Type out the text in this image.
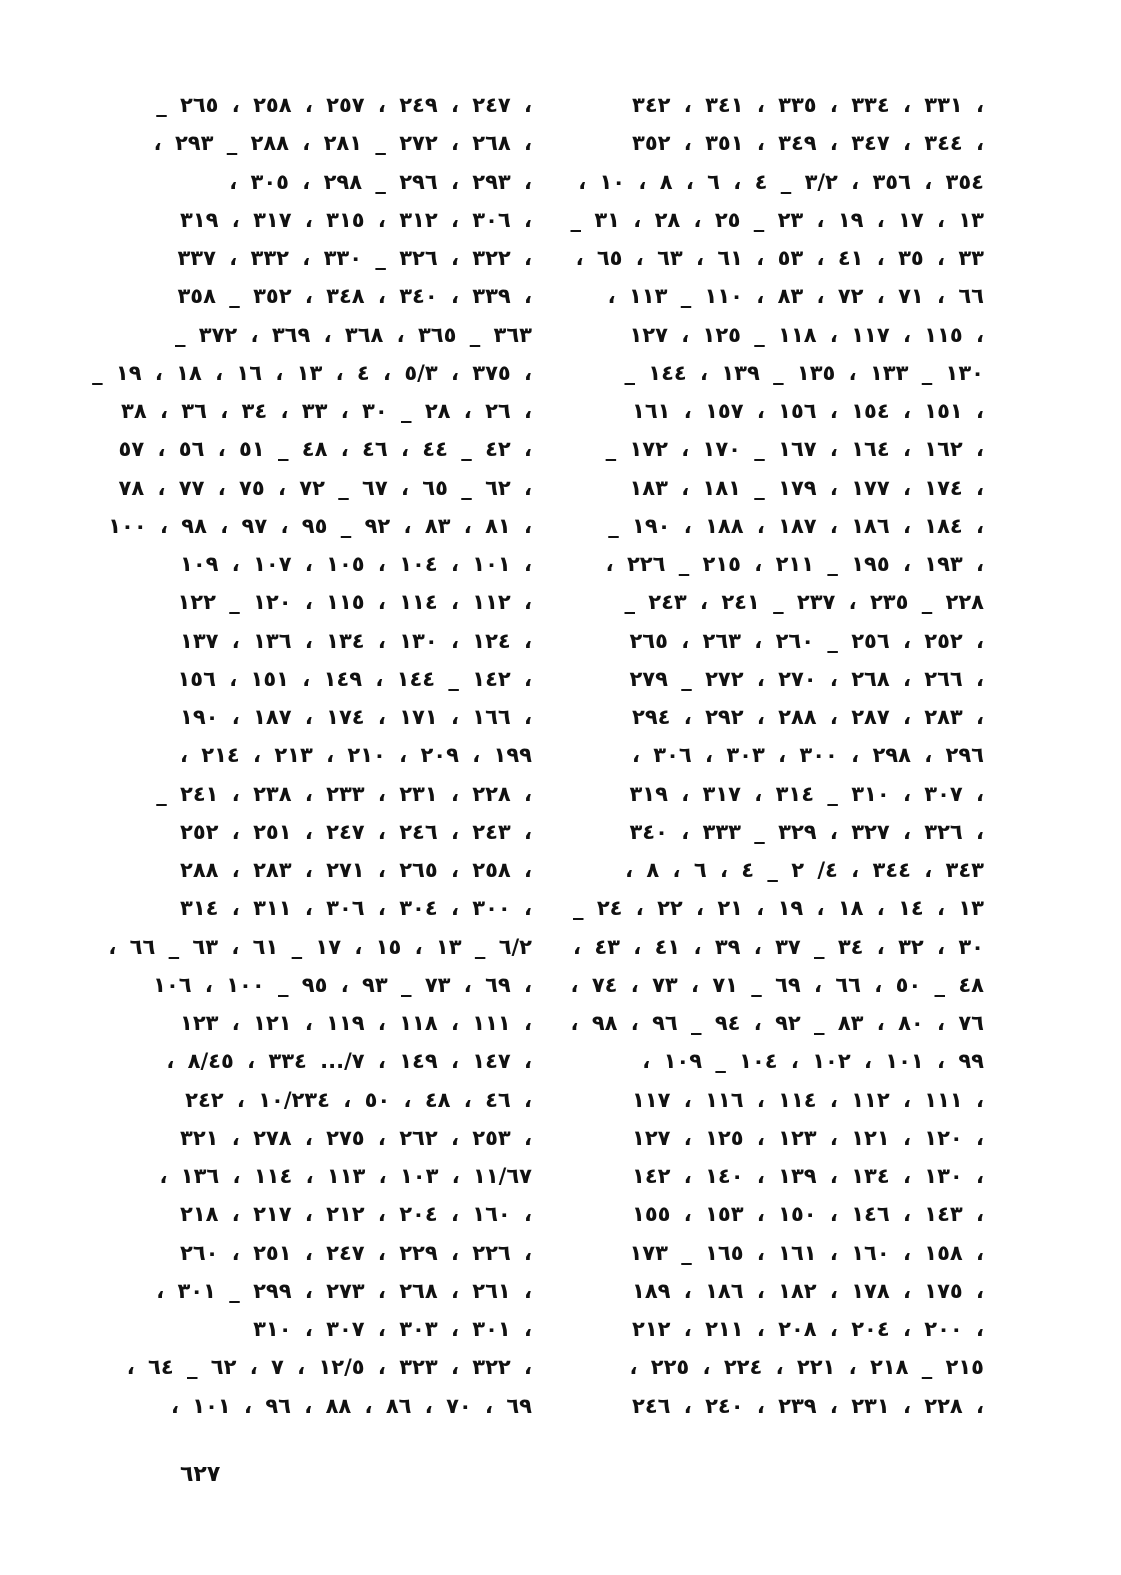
، ٣٣١ ، ٣٣٤ ، ٣٣٥ ، ٣٤١ ، ٣٤٢
، ٣٤٤ ، ٣٤٧ ، ٣٤٩ ، ٣٥١ ، ٣٥٢
٣٥٤ ، ٣٥٦ ، ٣/٢ _ ٤ ، ٦ ، ٨ ، ١٠ ،
١٣ ، ١٧ ، ١٩ ، ٢٣ _ ٢٥ ، ٢٨ ، ٣١ _
٣٣ ، ٣٥ ، ٤١ ، ٥٣ ، ٦١ ، ٦٣ ، ٦٥ ،
٦٦ ، ٧١ ، ٧٢ ، ٨٣ ، ١١٠ _ ١١٣ ،
، ١١٥ ، ١١٧ ، ١١٨ _ ١٢٥ ، ١٢٧
١٣٠ _ ١٣٣ ، ١٣٥ _ ١٣٩ ، ١٤٤ _
، ١٥١ ، ١٥٤ ، ١٥٦ ، ١٥٧ ، ١٦١
، ١٦٢ ، ١٦٤ ، ١٦٧ _ ١٧٠ ، ١٧٢ _
، ١٧٤ ، ١٧٧ ، ١٧٩ _ ١٨١ ، ١٨٣
، ١٨٤ ، ١٨٦ ، ١٨٧ ، ١٨٨ ، ١٩٠ _
، ١٩٣ ، ١٩٥ _ ٢١١ ، ٢١٥ _ ٢٢٦ ،
٢٢٨ _ ٢٣٥ ، ٢٣٧ _ ٢٤١ ، ٢٤٣ _
، ٢٥٢ ، ٢٥٦ _ ٢٦٠ ، ٢٦٣ ، ٢٦٥
، ٢٦٦ ، ٢٦٨ ، ٢٧٠ ، ٢٧٢ _ ٢٧٩
، ٢٨٣ ، ٢٨٧ ، ٢٨٨ ، ٢٩٢ ، ٢٩٤
٢٩٦ ، ٢٩٨ ، ٣٠٠ ، ٣٠٣ ، ٣٠٦ ،
، ٣٠٧ ، ٣١٠ _ ٣١٤ ، ٣١٧ ، ٣١٩
، ٣٢٦ ، ٣٢٧ ، ٣٢٩ _ ٣٣٣ ، ٣٤٠
٣٤٣ ، ٣٤٤ ، ٤/ ٢ _ ٤ ، ٦ ، ٨ ،
١٣ ، ١٤ ، ١٨ ، ١٩ ، ٢١ ، ٢٢ ، ٢٤ _
٣٠ ، ٣٢ ، ٣٤ _ ٣٧ ، ٣٩ ، ٤١ ، ٤٣ ،
٤٨ _ ٥٠ ، ٦٦ ، ٦٩ _ ٧١ ، ٧٣ ، ٧٤ ،
٧٦ ، ٨٠ ، ٨٣ _ ٩٢ ، ٩٤ _ ٩٦ ، ٩٨ ،
٩٩ ، ١٠١ ، ١٠٢ ، ١٠٤ _ ١٠٩ ،
، ١١١ ، ١١٢ ، ١١٤ ، ١١٦ ، ١١٧
، ١٢٠ ، ١٢١ ، ١٢٣ ، ١٢٥ ، ١٢٧
، ١٣٠ ، ١٣٤ ، ١٣٩ ، ١٤٠ ، ١٤٢
، ١٤٣ ، ١٤٦ ، ١٥٠ ، ١٥٣ ، ١٥٥
، ١٥٨ ، ١٦٠ ، ١٦١ ، ١٦٥ _ ١٧٣
، ١٧٥ ، ١٧٨ ، ١٨٢ ، ١٨٦ ، ١٨٩
، ٢٠٠ ، ٢٠٤ ، ٢٠٨ ، ٢١١ ، ٢١٢
٢١٥ _ ٢١٨ ، ٢٢١ ، ٢٢٤ ، ٢٢٥ ،
، ٢٢٨ ، ٢٣١ ، ٢٣٩ ، ٢٤٠ ، ٢٤٦
، ٢٤٧ ، ٢٤٩ ، ٢٥٧ ، ٢٥٨ ، ٢٦٥ _
، ٢٦٨ ، ٢٧٢ _ ٢٨١ ، ٢٨٨ _ ٢٩٣ ،
، ٢٩٣ ، ٢٩٦ _ ٢٩٨ ، ٣٠٥ ،
، ٣٠٦ ، ٣١٢ ، ٣١٥ ، ٣١٧ ، ٣١٩
، ٣٢٢ ، ٣٢٦ _ ٣٣٠ ، ٣٣٢ ، ٣٣٧
، ٣٣٩ ، ٣٤٠ ، ٣٤٨ ، ٣٥٢ _ ٣٥٨
٣٦٣ _ ٣٦٥ ، ٣٦٨ ، ٣٦٩ ، ٣٧٢ _
، ٣٧٥ ، ٥/٣ ، ٤ ، ١٣ ، ١٦ ، ١٨ ، ١٩ _
، ٢٦ ، ٢٨ _ ٣٠ ، ٣٣ ، ٣٤ ، ٣٦ ، ٣٨
، ٤٢ _ ٤٤ ، ٤٦ ، ٤٨ _ ٥١ ، ٥٦ ، ٥٧
، ٦٢ _ ٦٥ ، ٦٧ _ ٧٢ ، ٧٥ ، ٧٧ ، ٧٨
، ٨١ ، ٨٣ ، ٩٢ _ ٩٥ ، ٩٧ ، ٩٨ ، ١٠٠
، ١٠١ ، ١٠٤ ، ١٠٥ ، ١٠٧ ، ١٠٩
، ١١٢ ، ١١٤ ، ١١٥ ، ١٢٠ _ ١٢٢
، ١٢٤ ، ١٣٠ ، ١٣٤ ، ١٣٦ ، ١٣٧
، ١٤٢ _ ١٤٤ ، ١٤٩ ، ١٥١ ، ١٥٦
، ١٦٦ ، ١٧١ ، ١٧٤ ، ١٨٧ ، ١٩٠
١٩٩ ، ٢٠٩ ، ٢١٠ ، ٢١٣ ، ٢١٤ ،
، ٢٢٨ ، ٢٣١ ، ٢٣٣ ، ٢٣٨ ، ٢٤١ _
، ٢٤٣ ، ٢٤٦ ، ٢٤٧ ، ٢٥١ ، ٢٥٢
، ٢٥٨ ، ٢٦٥ ، ٢٧١ ، ٢٨٣ ، ٢٨٨
، ٣٠٠ ، ٣٠٤ ، ٣٠٦ ، ٣١١ ، ٣١٤
٦/٢ _ ١٣ ، ١٥ ، ١٧ _ ٦١ ، ٦٣ _ ٦٦ ،
، ٦٩ ، ٧٣ _ ٩٣ ، ٩٥ _ ١٠٠ ، ١٠٦
، ١١١ ، ١١٨ ، ١١٩ ، ١٢١ ، ١٢٣
، ١٤٧ ، ١٤٩ ، ٧/... ٣٣٤ ، ٨/٤٥ ،
، ٤٦ ، ٤٨ ، ٥٠ ، ١٠/٢٣٤ ، ٢٤٢
، ٢٥٣ ، ٢٦٢ ، ٢٧٥ ، ٢٧٨ ، ٣٢١
١١/٦٧ ، ١٠٣ ، ١١٣ ، ١١٤ ، ١٣٦ ،
، ١٦٠ ، ٢٠٤ ، ٢١٢ ، ٢١٧ ، ٢١٨
، ٢٢٦ ، ٢٢٩ ، ٢٤٧ ، ٢٥١ ، ٢٦٠
، ٢٦١ ، ٢٦٨ ، ٢٧٣ ، ٢٩٩ _ ٣٠١ ،
، ٣٠١ ، ٣٠٣ ، ٣٠٧ ، ٣١٠
، ٣٢٢ ، ٣٢٣ ، ١٢/٥ ، ٧ ، ٦٢ _ ٦٤ ،
٦٩ ، ٧٠ ، ٨٦ ، ٨٨ ، ٩٦ ، ١٠١ ،
٦٢٧
